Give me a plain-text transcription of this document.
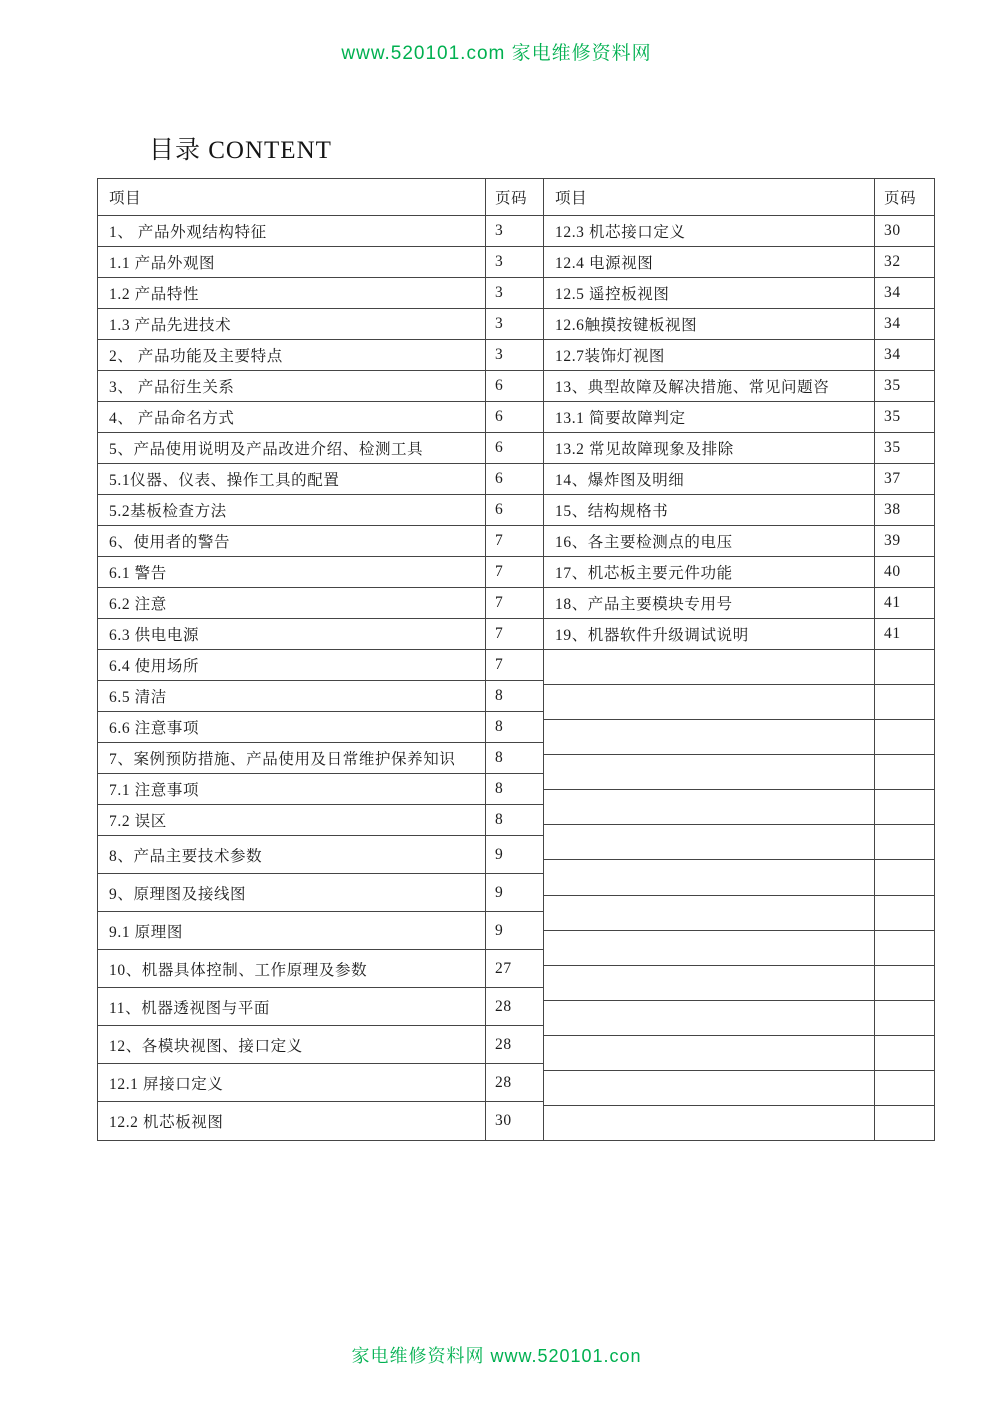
www.520101.com 家电维修资料网
目录 CONTENT
项目	页码
1、 产品外观结构特征	3
1.1 产品外观图	3
1.2 产品特性	3
1.3 产品先进技术	3
2、 产品功能及主要特点	3
3、 产品衍生关系	6
4、 产品命名方式	6
5、产品使用说明及产品改进介绍、检测工具	6
5.1仪器、仪表、操作工具的配置	6
5.2基板检查方法	6
6、使用者的警告	7
6.1 警告	7
6.2 注意	7
6.3 供电电源	7
6.4 使用场所	7
6.5 清洁	8
6.6 注意事项	8
7、案例预防措施、产品使用及日常维护保养知识	8
7.1 注意事项	8
7.2 误区	8
8、产品主要技术参数	9
9、原理图及接线图	9
9.1 原理图	9
10、机器具体控制、工作原理及参数	27
11、机器透视图与平面	28
12、各模块视图、接口定义	28
12.1 屏接口定义	28
12.2 机芯板视图	30
项目	页码
12.3 机芯接口定义	30
12.4 电源视图	32
12.5 遥控板视图	34
12.6触摸按键板视图	34
12.7装饰灯视图	34
13、典型故障及解决措施、常见问题咨	35
13.1 简要故障判定	35
13.2 常见故障现象及排除	35
14、爆炸图及明细	37
15、结构规格书	38
16、各主要检测点的电压	39
17、机芯板主要元件功能	40
18、产品主要模块专用号	41
19、机器软件升级调试说明	41
家电维修资料网 www.520101.con
